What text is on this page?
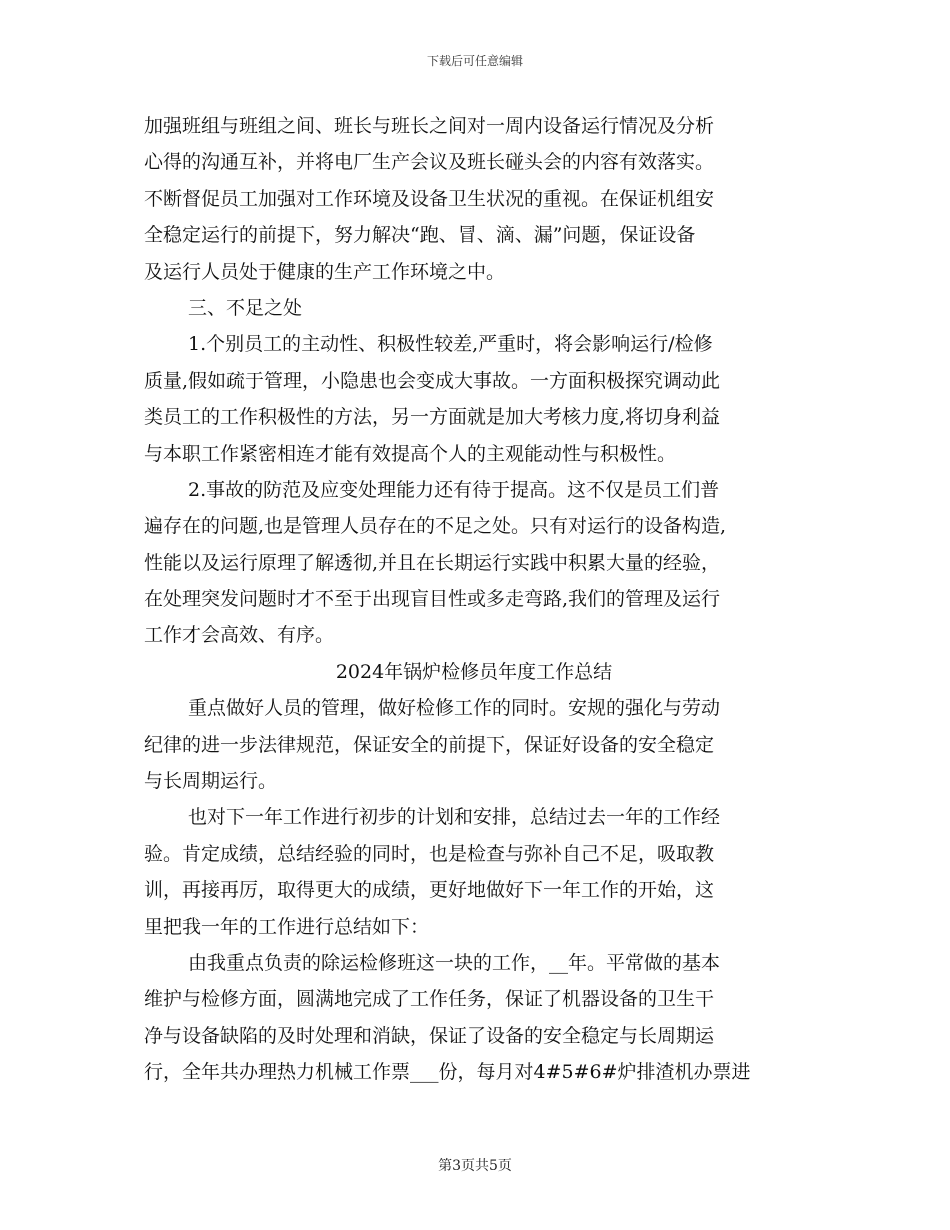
下载后可任意编辑
加强班组与班组之间、班长与班长之间对一周内设备运行情况及分析
心得的沟通互补，并将电厂生产会议及班长碰头会的内容有效落实。
不断督促员工加强对工作环境及设备卫生状况的重视。在保证机组安
全稳定运行的前提下，努力解决“跑、冒、滴、漏”问题，保证设备
及运行人员处于健康的生产工作环境之中。
三、不足之处
1.个别员工的主动性、积极性较差,严重时，将会影响运行/检修
质量,假如疏于管理，小隐患也会变成大事故。一方面积极探究调动此
类员工的工作积极性的方法，另一方面就是加大考核力度,将切身利益
与本职工作紧密相连才能有效提高个人的主观能动性与积极性。
2.事故的防范及应变处理能力还有待于提高。这不仅是员工们普
遍存在的问题,也是管理人员存在的不足之处。只有对运行的设备构造,
性能以及运行原理了解透彻,并且在长期运行实践中积累大量的经验，
在处理突发问题时才不至于出现盲目性或多走弯路,我们的管理及运行
工作才会高效、有序。
2024年锅炉检修员年度工作总结
重点做好人员的管理，做好检修工作的同时。安规的强化与劳动
纪律的进一步法律规范，保证安全的前提下，保证好设备的安全稳定
与长周期运行。
也对下一年工作进行初步的计划和安排，总结过去一年的工作经
验。肯定成绩，总结经验的同时，也是检查与弥补自己不足，吸取教
训，再接再厉，取得更大的成绩，更好地做好下一年工作的开始，这
里把我一年的工作进行总结如下：
由我重点负责的除运检修班这一块的工作，__年。平常做的基本
维护与检修方面，圆满地完成了工作任务，保证了机器设备的卫生干
净与设备缺陷的及时处理和消缺，保证了设备的安全稳定与长周期运
行，全年共办理热力机械工作票___份，每月对4#5#6#炉排渣机办票进
第3页共5页
